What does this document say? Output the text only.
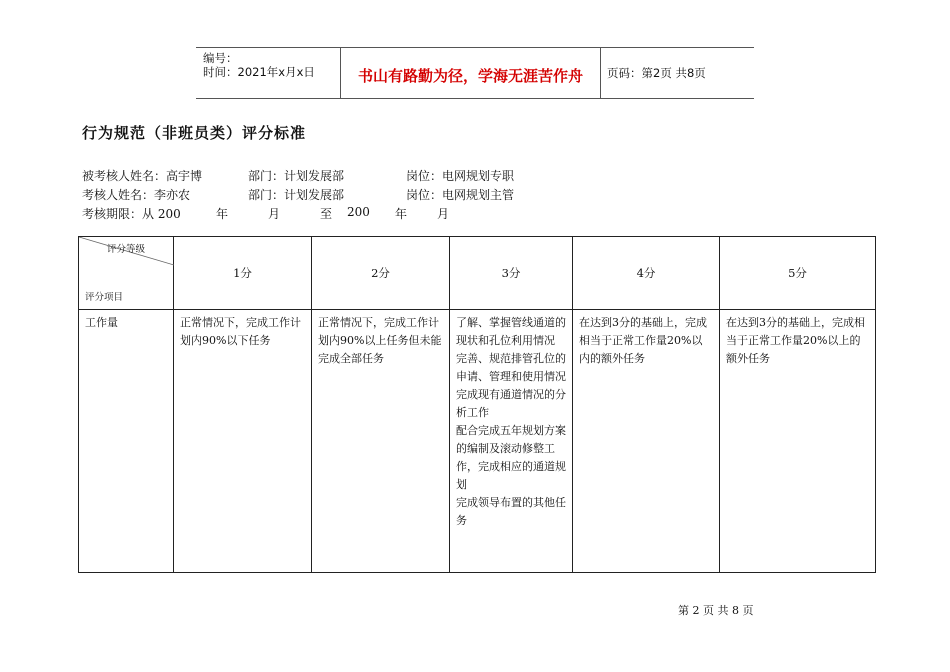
编号：
时间：2021年x月x日	书山有路勤为径，学海无涯苦作舟	页码：第2页 共8页
行为规范（非班员类）评分标准
被考核人姓名：高宇博	部门：计划发展部	岗位：电网规划专职
考核人姓名：李亦农	部门：计划发展部	岗位：电网规划主管
考核期限：从 200	年	月	至 200 年 月
评分等级
评分项目	1分	2分	3分	4分	5分
工作量	正常情况下，完成工作计划内90%以下任务	正常情况下，完成工作计划内90%以上任务但未能完成全部任务	了解、掌握管线通道的现状和孔位利用情况
完善、规范排管孔位的申请、管理和使用情况
完成现有通道情况的分析工作
配合完成五年规划方案的编制及滚动修整工作，完成相应的通道规划
完成领导布置的其他任务	在达到3分的基础上，完成相当于正常工作量20%以内的额外任务	在达到3分的基础上，完成相当于正常工作量20%以上的额外任务
第 2 页 共 8 页
